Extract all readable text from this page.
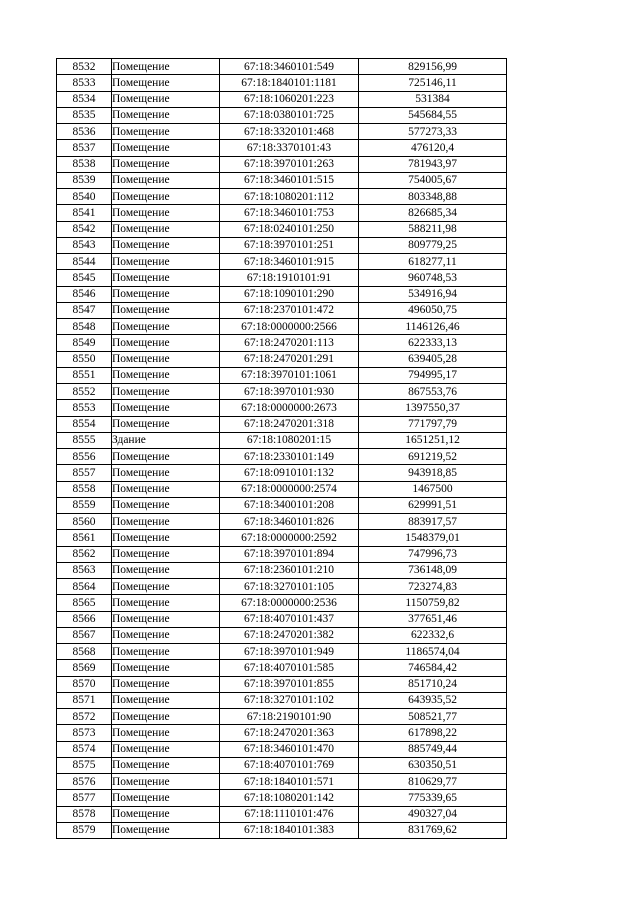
8532	Помещение	67:18:3460101:549	829156,99
8533	Помещение	67:18:1840101:1181	725146,11
8534	Помещение	67:18:1060201:223	531384
8535	Помещение	67:18:0380101:725	545684,55
8536	Помещение	67:18:3320101:468	577273,33
8537	Помещение	67:18:3370101:43	476120,4
8538	Помещение	67:18:3970101:263	781943,97
8539	Помещение	67:18:3460101:515	754005,67
8540	Помещение	67:18:1080201:112	803348,88
8541	Помещение	67:18:3460101:753	826685,34
8542	Помещение	67:18:0240101:250	588211,98
8543	Помещение	67:18:3970101:251	809779,25
8544	Помещение	67:18:3460101:915	618277,11
8545	Помещение	67:18:1910101:91	960748,53
8546	Помещение	67:18:1090101:290	534916,94
8547	Помещение	67:18:2370101:472	496050,75
8548	Помещение	67:18:0000000:2566	1146126,46
8549	Помещение	67:18:2470201:113	622333,13
8550	Помещение	67:18:2470201:291	639405,28
8551	Помещение	67:18:3970101:1061	794995,17
8552	Помещение	67:18:3970101:930	867553,76
8553	Помещение	67:18:0000000:2673	1397550,37
8554	Помещение	67:18:2470201:318	771797,79
8555	Здание	67:18:1080201:15	1651251,12
8556	Помещение	67:18:2330101:149	691219,52
8557	Помещение	67:18:0910101:132	943918,85
8558	Помещение	67:18:0000000:2574	1467500
8559	Помещение	67:18:3400101:208	629991,51
8560	Помещение	67:18:3460101:826	883917,57
8561	Помещение	67:18:0000000:2592	1548379,01
8562	Помещение	67:18:3970101:894	747996,73
8563	Помещение	67:18:2360101:210	736148,09
8564	Помещение	67:18:3270101:105	723274,83
8565	Помещение	67:18:0000000:2536	1150759,82
8566	Помещение	67:18:4070101:437	377651,46
8567	Помещение	67:18:2470201:382	622332,6
8568	Помещение	67:18:3970101:949	1186574,04
8569	Помещение	67:18:4070101:585	746584,42
8570	Помещение	67:18:3970101:855	851710,24
8571	Помещение	67:18:3270101:102	643935,52
8572	Помещение	67:18:2190101:90	508521,77
8573	Помещение	67:18:2470201:363	617898,22
8574	Помещение	67:18:3460101:470	885749,44
8575	Помещение	67:18:4070101:769	630350,51
8576	Помещение	67:18:1840101:571	810629,77
8577	Помещение	67:18:1080201:142	775339,65
8578	Помещение	67:18:1110101:476	490327,04
8579	Помещение	67:18:1840101:383	831769,62
